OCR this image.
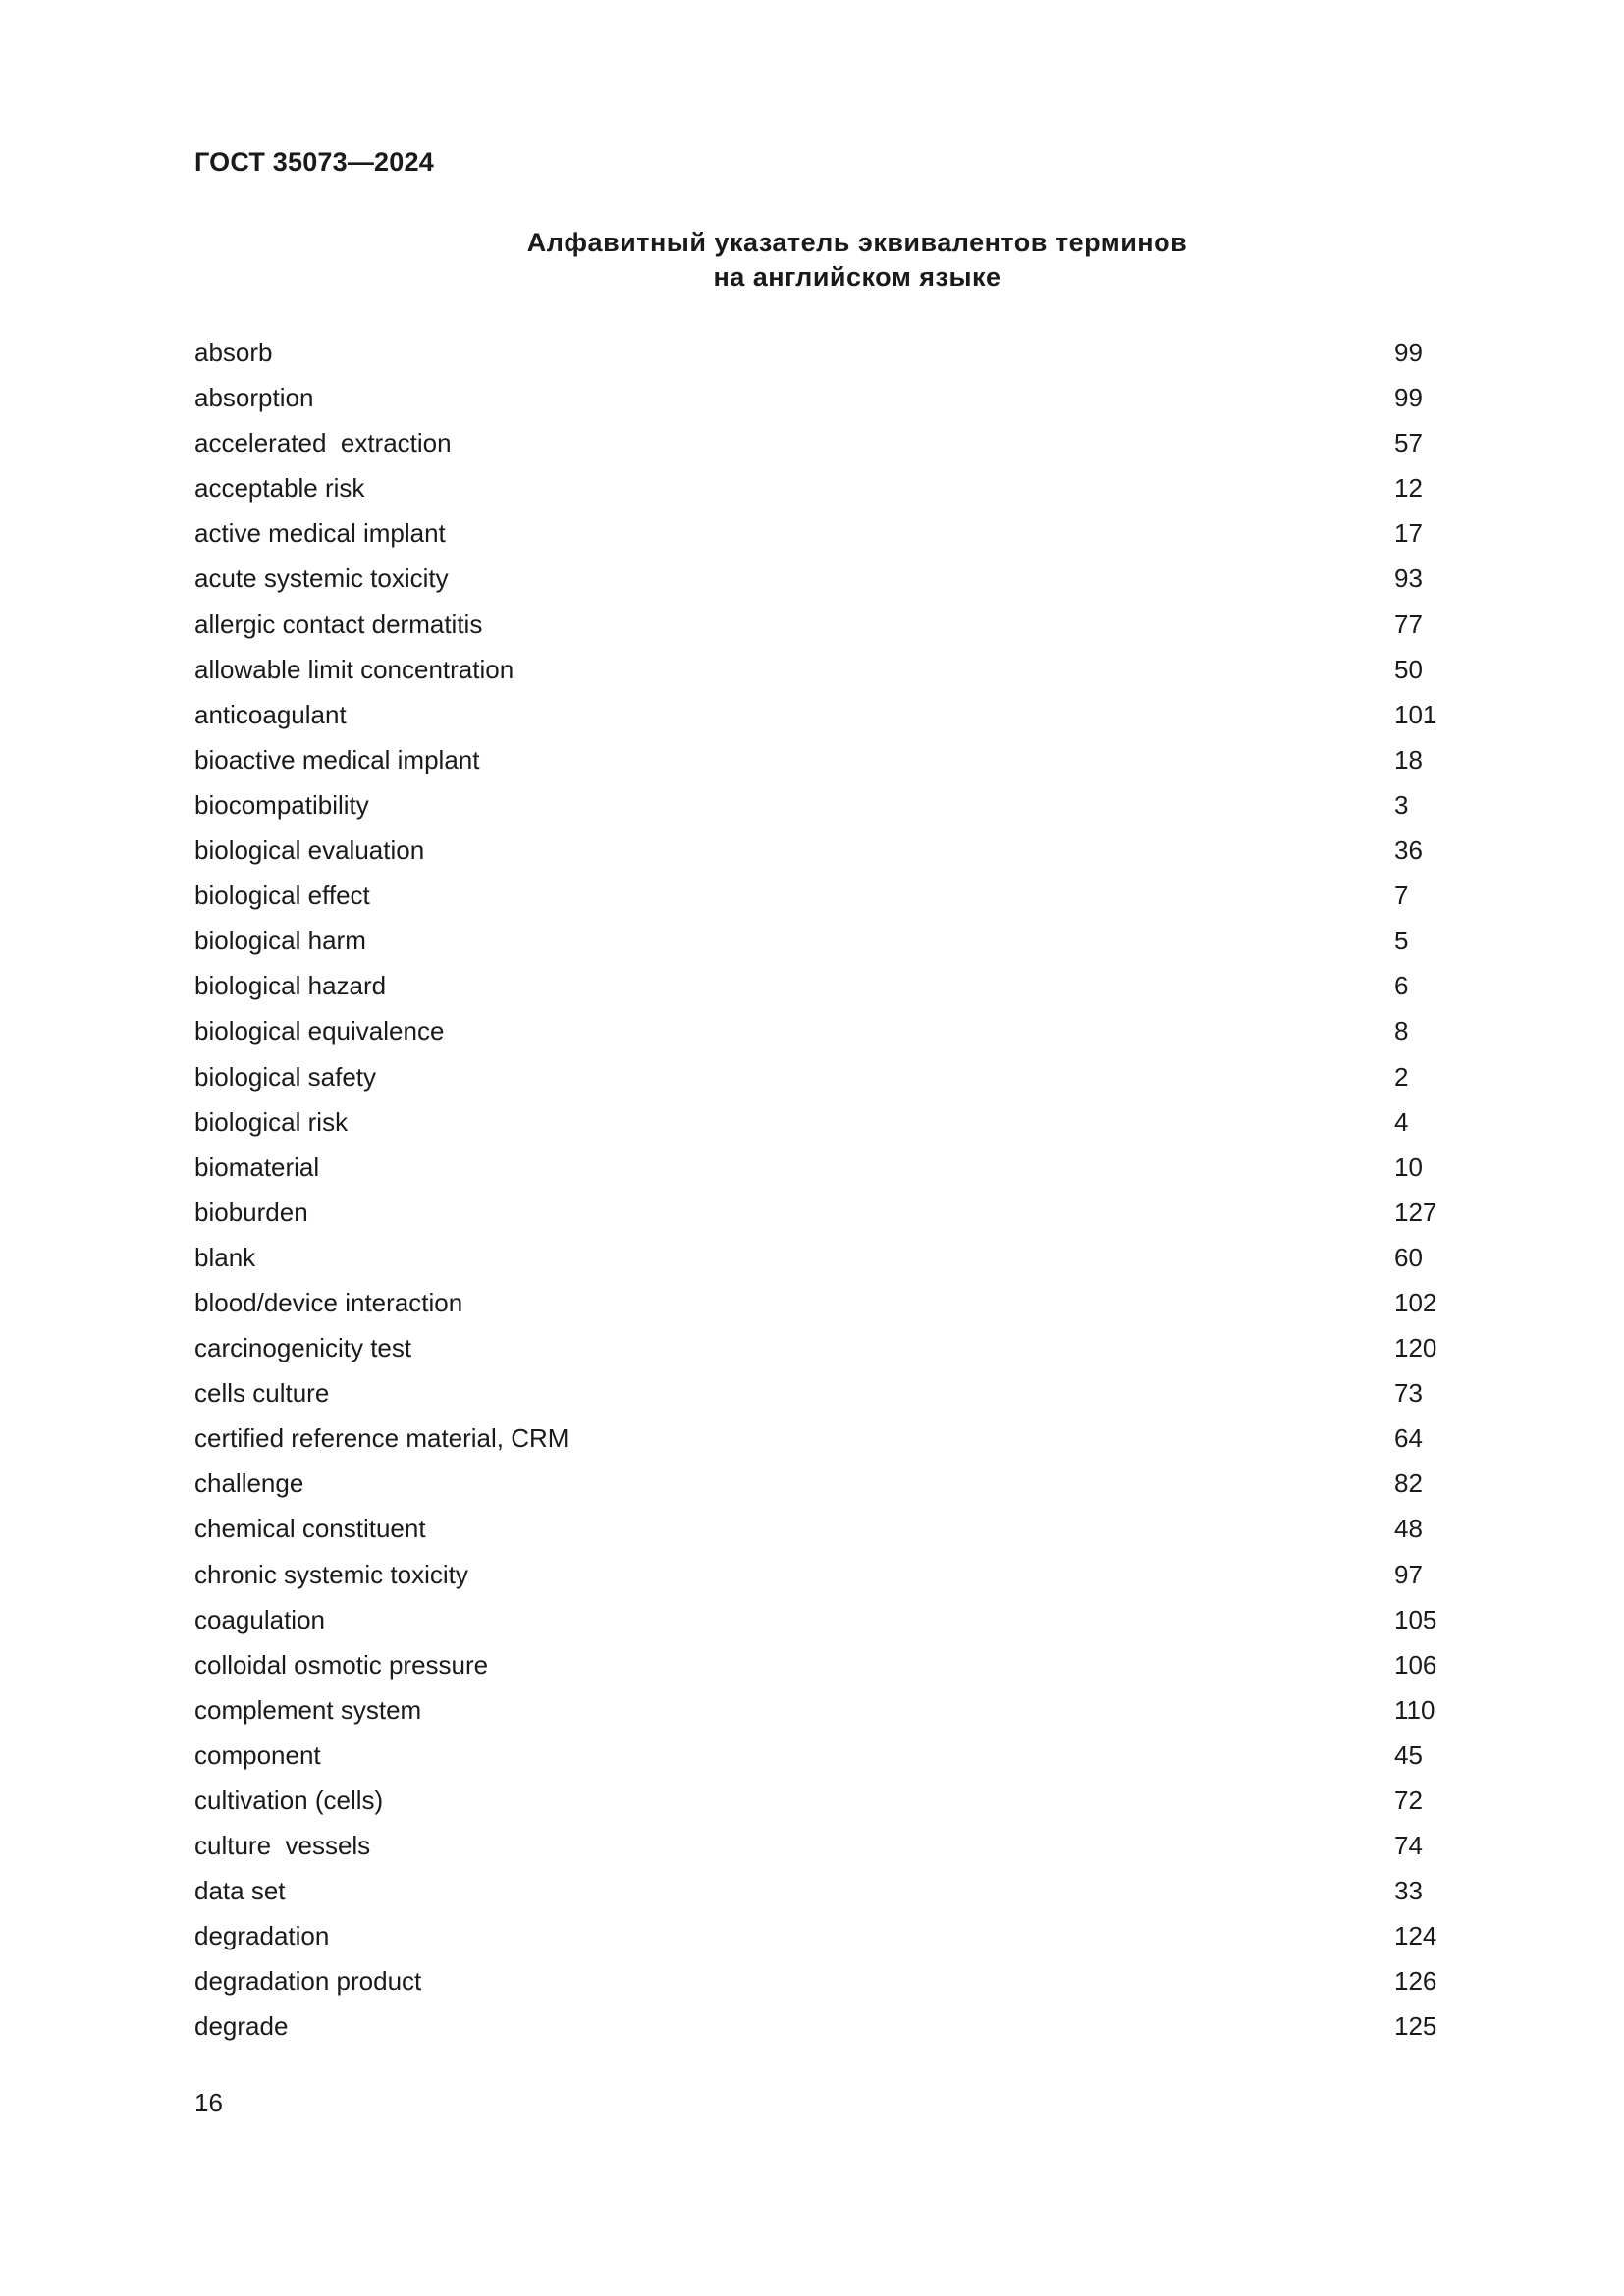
ГОСТ 35073—2024
Алфавитный указатель эквивалентов терминов
на английском языке
absorb	99
absorption	99
accelerated  extraction	57
acceptable risk	12
active medical implant	17
acute systemic toxicity	93
allergic contact dermatitis	77
allowable limit concentration	50
anticoagulant	101
bioactive medical implant	18
biocompatibility	3
biological evaluation	36
biological effect	7
biological harm	5
biological hazard	6
biological equivalence	8
biological safety	2
biological risk	4
biomaterial	10
bioburden	127
blank	60
blood/device interaction	102
carcinogenicity test	120
cells culture	73
certified reference material, CRM	64
challenge	82
chemical constituent	48
chronic systemic toxicity	97
coagulation	105
colloidal osmotic pressure	106
complement system	110
component	45
cultivation (cells)	72
culture  vessels	74
data set	33
degradation	124
degradation product	126
degrade	125
16
